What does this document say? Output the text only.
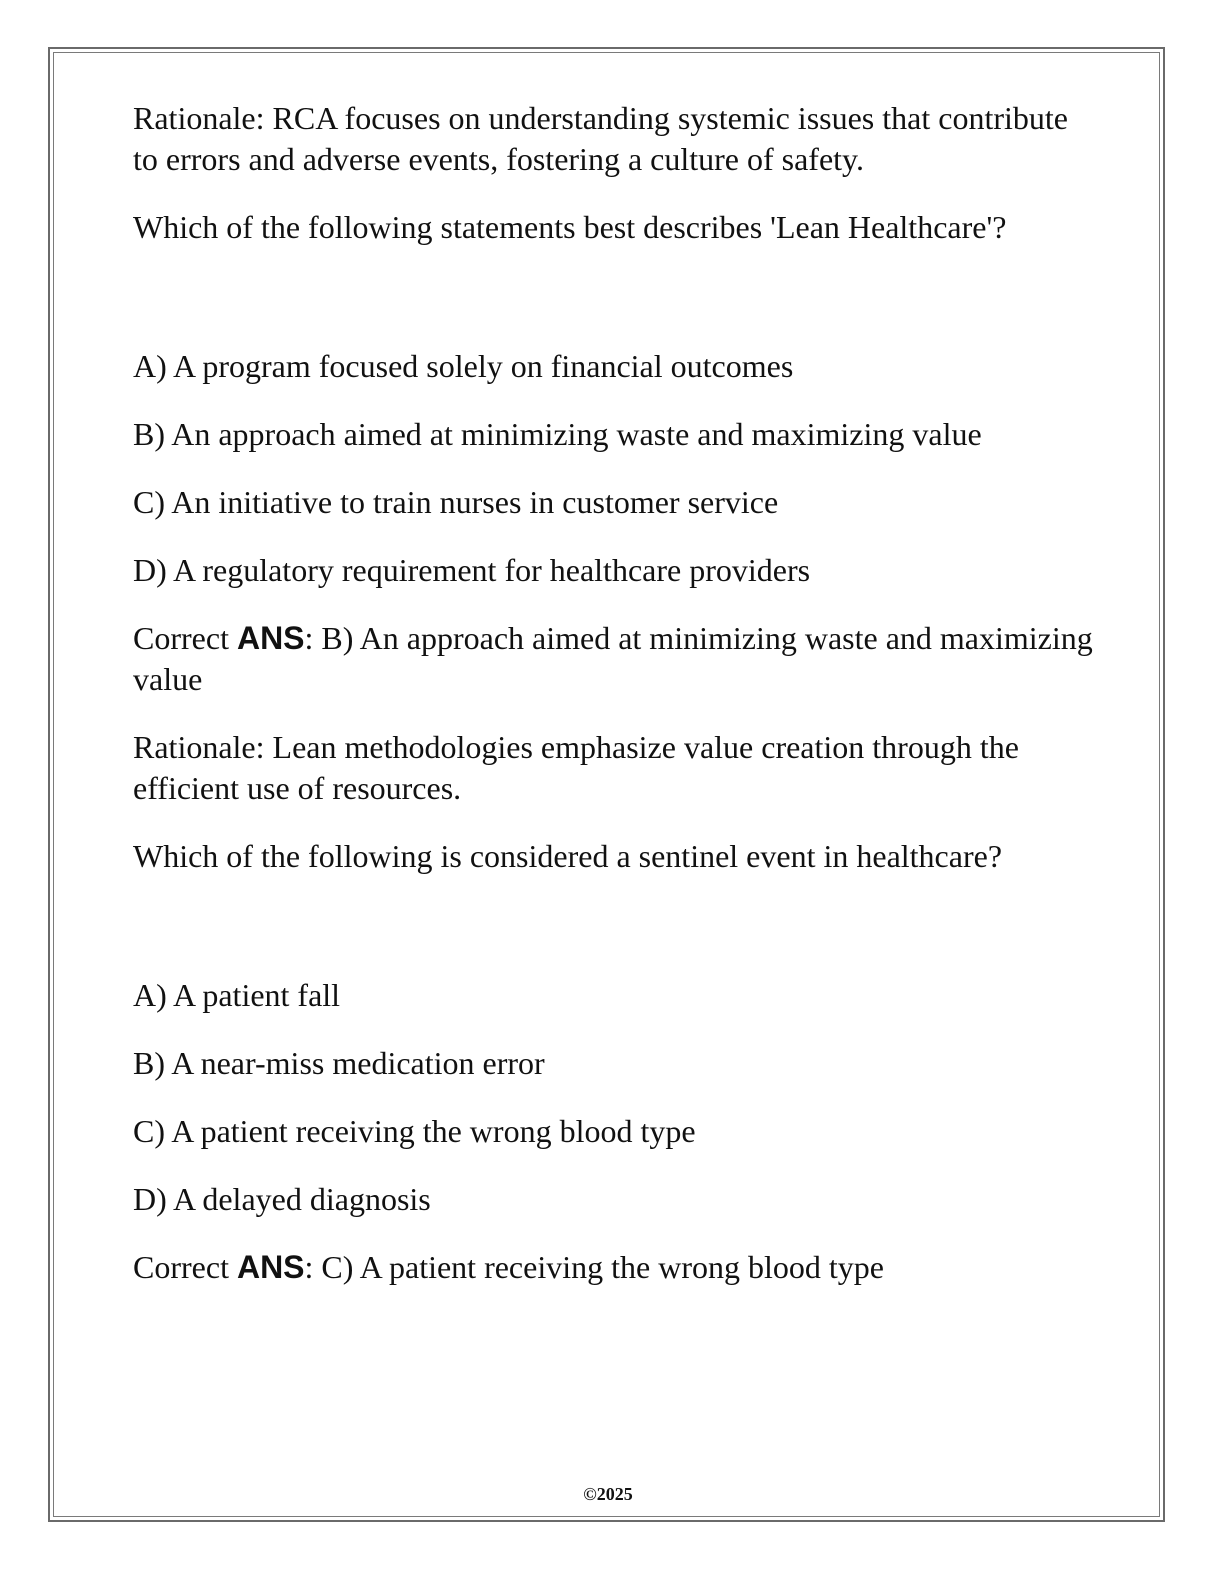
Rationale: RCA focuses on understanding systemic issues that contribute to errors and adverse events, fostering a culture of safety.

Which of the following statements best describes 'Lean Healthcare'?

A) A program focused solely on financial outcomes

B) An approach aimed at minimizing waste and maximizing value

C) An initiative to train nurses in customer service

D) A regulatory requirement for healthcare providers

Correct ANS: B) An approach aimed at minimizing waste and maximizing value

Rationale: Lean methodologies emphasize value creation through the efficient use of resources.

Which of the following is considered a sentinel event in healthcare?

A) A patient fall

B) A near-miss medication error

C) A patient receiving the wrong blood type

D) A delayed diagnosis

Correct ANS: C) A patient receiving the wrong blood type

©2025
